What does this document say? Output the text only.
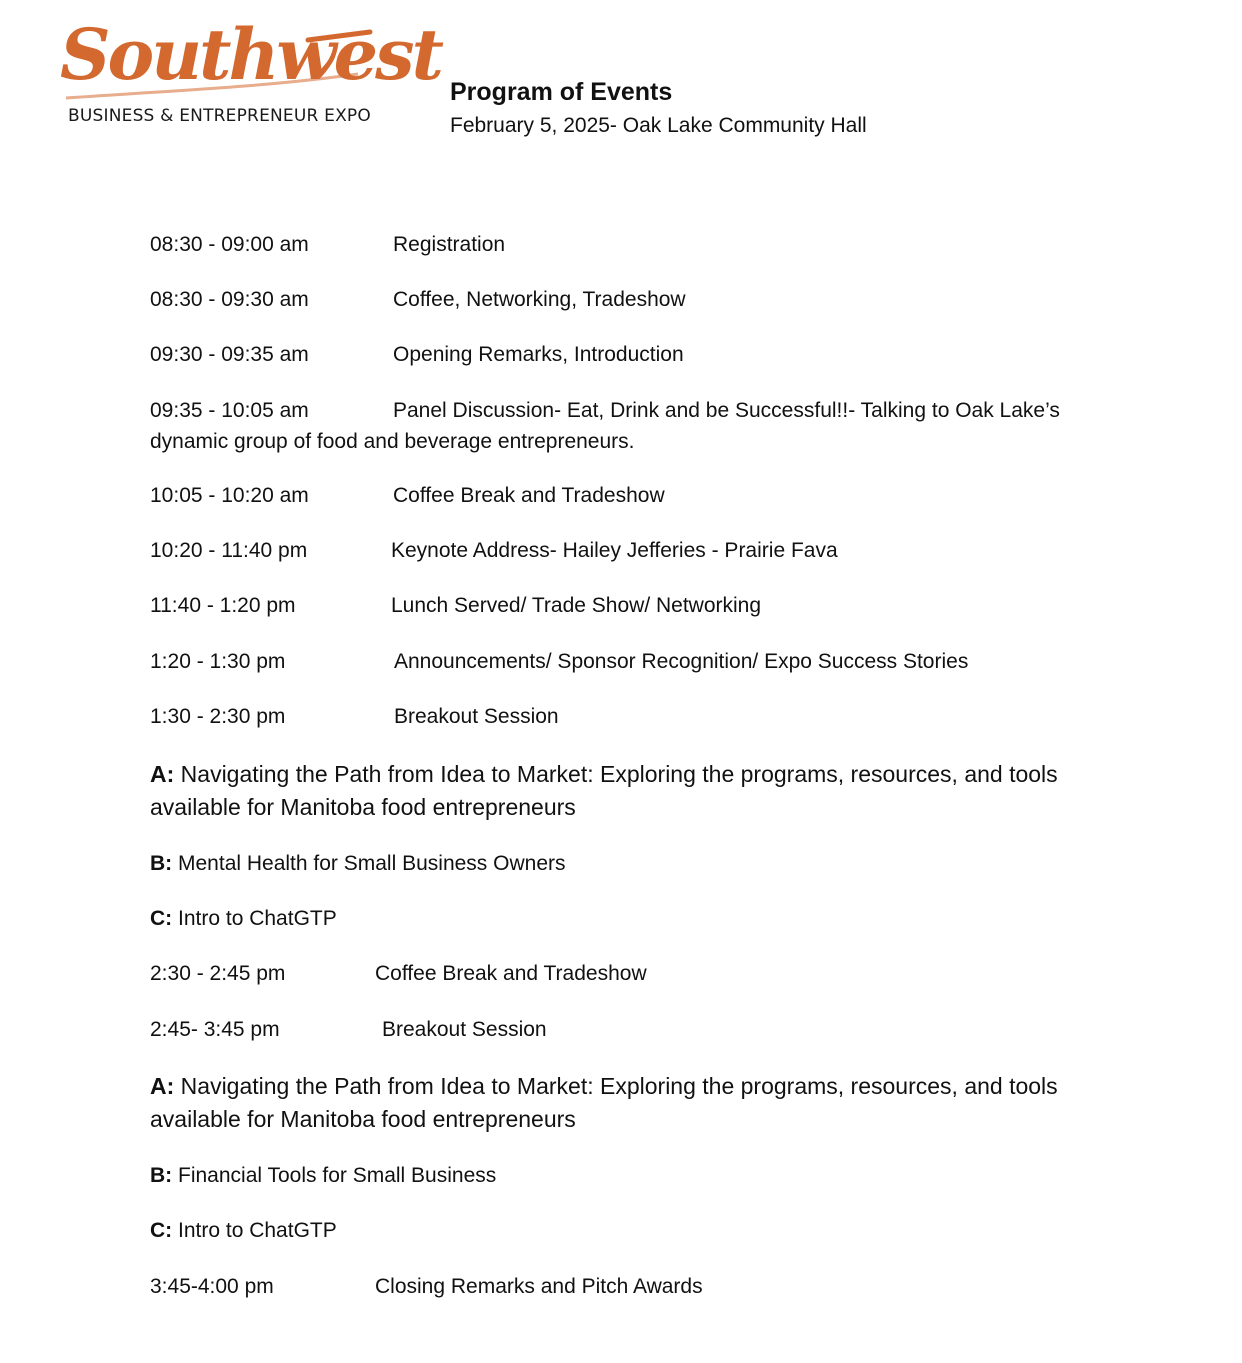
Southwest
BUSINESS & ENTREPRENEUR EXPO
Program of Events
February 5, 2025- Oak Lake Community Hall
08:30 - 09:00 am	Registration
08:30 - 09:30 am	Coffee, Networking, Tradeshow
09:30 - 09:35 am	Opening Remarks, Introduction
09:35 - 10:05 am	Panel Discussion- Eat, Drink and be Successful!!- Talking to Oak Lake’s dynamic group of food and beverage entrepreneurs.
10:05 - 10:20 am	Coffee Break and Tradeshow
10:20 - 11:40 pm	Keynote Address- Hailey Jefferies - Prairie Fava
11:40 - 1:20 pm	Lunch Served/ Trade Show/ Networking
1:20 - 1:30 pm	Announcements/ Sponsor Recognition/ Expo Success Stories
1:30 - 2:30 pm	Breakout Session
A: Navigating the Path from Idea to Market: Exploring the programs, resources, and tools available for Manitoba food entrepreneurs
B: Mental Health for Small Business Owners
C: Intro to ChatGTP
2:30 - 2:45 pm	Coffee Break and Tradeshow
2:45- 3:45 pm	Breakout Session
A: Navigating the Path from Idea to Market: Exploring the programs, resources, and tools available for Manitoba food entrepreneurs
B: Financial Tools for Small Business
C: Intro to ChatGTP
3:45-4:00 pm	Closing Remarks and Pitch Awards
